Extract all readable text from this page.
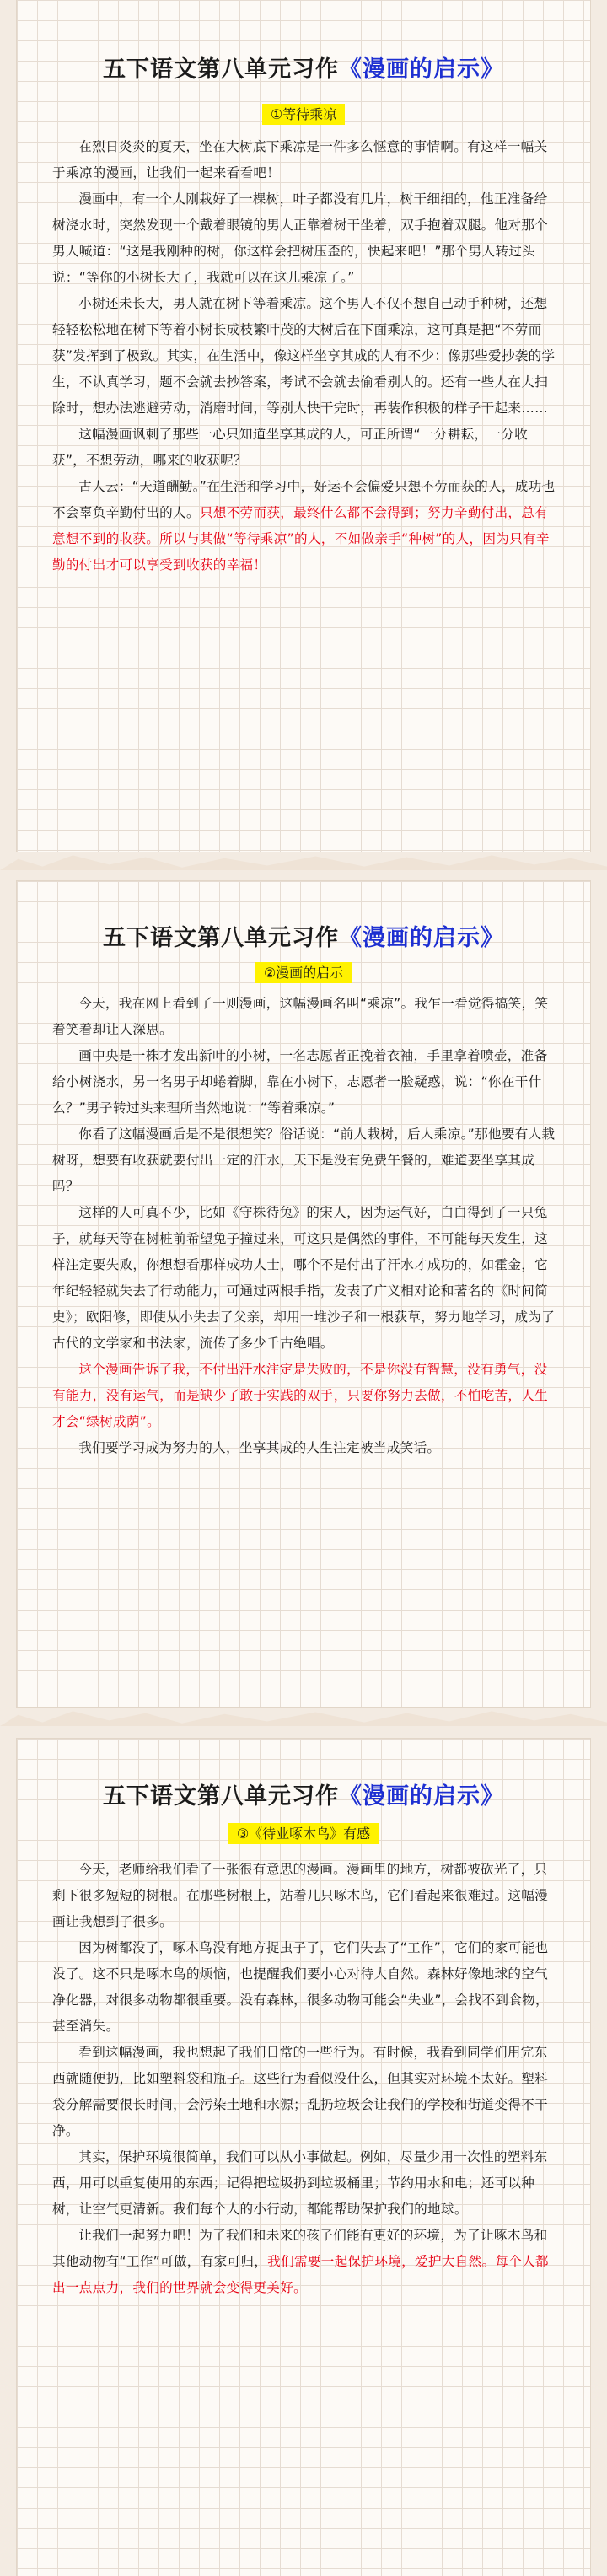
五下语文第八单元习作《漫画的启示》
①等待乘凉

在烈日炎炎的夏天，坐在大树底下乘凉是一件多么惬意的事情啊。有这样一幅关于乘凉的漫画，让我们一起来看看吧！

漫画中，有一个人刚栽好了一棵树，叶子都没有几片，树干细细的，他正准备给树浇水时，突然发现一个戴着眼镜的男人正靠着树干坐着，双手抱着双腿。他对那个男人喊道：“这是我刚种的树，你这样会把树压歪的，快起来吧！”那个男人转过头说：“等你的小树长大了，我就可以在这儿乘凉了。”

小树还未长大，男人就在树下等着乘凉。这个男人不仅不想自己动手种树，还想轻轻松松地在树下等着小树长成枝繁叶茂的大树后在下面乘凉，这可真是把“不劳而获”发挥到了极致。其实，在生活中，像这样坐享其成的人有不少：像那些爱抄袭的学生，不认真学习，题不会就去抄答案，考试不会就去偷看别人的。还有一些人在大扫除时，想办法逃避劳动，消磨时间，等别人快干完时，再装作积极的样子干起来……

这幅漫画讽刺了那些一心只知道坐享其成的人，可正所谓“一分耕耘，一分收获”，不想劳动，哪来的收获呢？

古人云：“天道酬勤。”在生活和学习中，好运不会偏爱只想不劳而获的人，成功也不会辜负辛勤付出的人。只想不劳而获，最终什么都不会得到；努力辛勤付出，总有意想不到的收获。所以与其做“等待乘凉”的人，不如做亲手“种树”的人，因为只有辛勤的付出才可以享受到收获的幸福！

五下语文第八单元习作《漫画的启示》
②漫画的启示

今天，我在网上看到了一则漫画，这幅漫画名叫“乘凉”。我乍一看觉得搞笑，笑着笑着却让人深思。

画中央是一株才发出新叶的小树，一名志愿者正挽着衣袖，手里拿着喷壶，准备给小树浇水，另一名男子却蜷着脚，靠在小树下，志愿者一脸疑惑，说：“你在干什么？”男子转过头来理所当然地说：“等着乘凉。”

你看了这幅漫画后是不是很想笑？俗话说：“前人栽树，后人乘凉。”那他要有人栽树呀，想要有收获就要付出一定的汗水，天下是没有免费午餐的，难道要坐享其成吗？

这样的人可真不少，比如《守株待兔》的宋人，因为运气好，白白得到了一只兔子，就每天等在树桩前希望兔子撞过来，可这只是偶然的事件，不可能每天发生，这样注定要失败，你想想看那样成功人士，哪个不是付出了汗水才成功的，如霍金，它年纪轻轻就失去了行动能力，可通过两根手指，发表了广义相对论和著名的《时间简史》；欧阳修，即使从小失去了父亲，却用一堆沙子和一根荻草，努力地学习，成为了古代的文学家和书法家，流传了多少千古绝唱。

这个漫画告诉了我，不付出汗水注定是失败的，不是你没有智慧，没有勇气，没有能力，没有运气，而是缺少了敢于实践的双手，只要你努力去做，不怕吃苦，人生才会“绿树成荫”。

我们要学习成为努力的人，坐享其成的人生注定被当成笑话。

五下语文第八单元习作《漫画的启示》
③《待业啄木鸟》有感

今天，老师给我们看了一张很有意思的漫画。漫画里的地方，树都被砍光了，只剩下很多短短的树根。在那些树根上，站着几只啄木鸟，它们看起来很难过。这幅漫画让我想到了很多。

因为树都没了，啄木鸟没有地方捉虫子了，它们失去了“工作”，它们的家可能也没了。这不只是啄木鸟的烦恼，也提醒我们要小心对待大自然。森林好像地球的空气净化器，对很多动物都很重要。没有森林，很多动物可能会“失业”，会找不到食物，甚至消失。

看到这幅漫画，我也想起了我们日常的一些行为。有时候，我看到同学们用完东西就随便扔，比如塑料袋和瓶子。这些行为看似没什么，但其实对环境不太好。塑料袋分解需要很长时间，会污染土地和水源；乱扔垃圾会让我们的学校和街道变得不干净。

其实，保护环境很简单，我们可以从小事做起。例如，尽量少用一次性的塑料东西，用可以重复使用的东西；记得把垃圾扔到垃圾桶里；节约用水和电；还可以种树，让空气更清新。我们每个人的小行动，都能帮助保护我们的地球。

让我们一起努力吧！为了我们和未来的孩子们能有更好的环境，为了让啄木鸟和其他动物有“工作”可做，有家可归，我们需要一起保护环境，爱护大自然。每个人都出一点点力，我们的世界就会变得更美好。
